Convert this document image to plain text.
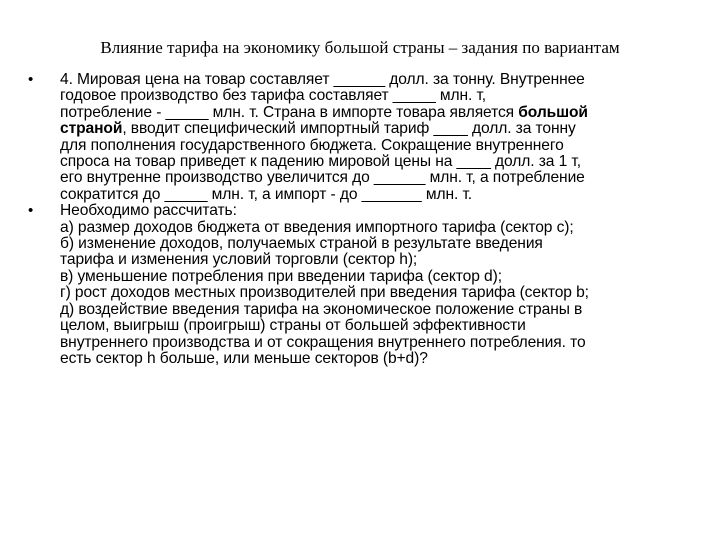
Влияние тарифа на экономику большой страны – задания по вариантам
• 4. Мировая цена на товар составляет ______ долл. за тонну. Внутреннее
годовое производство без тарифа составляет _____ млн. т,
потребление - _____ млн. т. Страна в импорте товара является большой
страной, вводит специфический импортный тариф ____ долл. за тонну
для пополнения государственного бюджета. Сокращение внутреннего
спроса на товар приведет к падению мировой цены на ____ долл. за 1 т,
его внутренне производство увеличится до ______ млн. т, а потребление
сократится до _____ млн. т, а импорт - до _______ млн. т.
• Необходимо рассчитать:
а) размер доходов бюджета от введения импортного тарифа (сектор с);
б) изменение доходов, получаемых страной в результате введения
тарифа и изменения условий торговли (сектор h);
в) уменьшение потребления при введении тарифа (сектор d);
г) рост доходов местных производителей при введения тарифа (сектор b;
д) воздействие введения тарифа на экономическое положение страны в
целом, выигрыш (проигрыш) страны от большей эффективности
внутреннего производства и от сокращения внутреннего потребления. то
есть сектор h больше, или меньше секторов (b+d)?
